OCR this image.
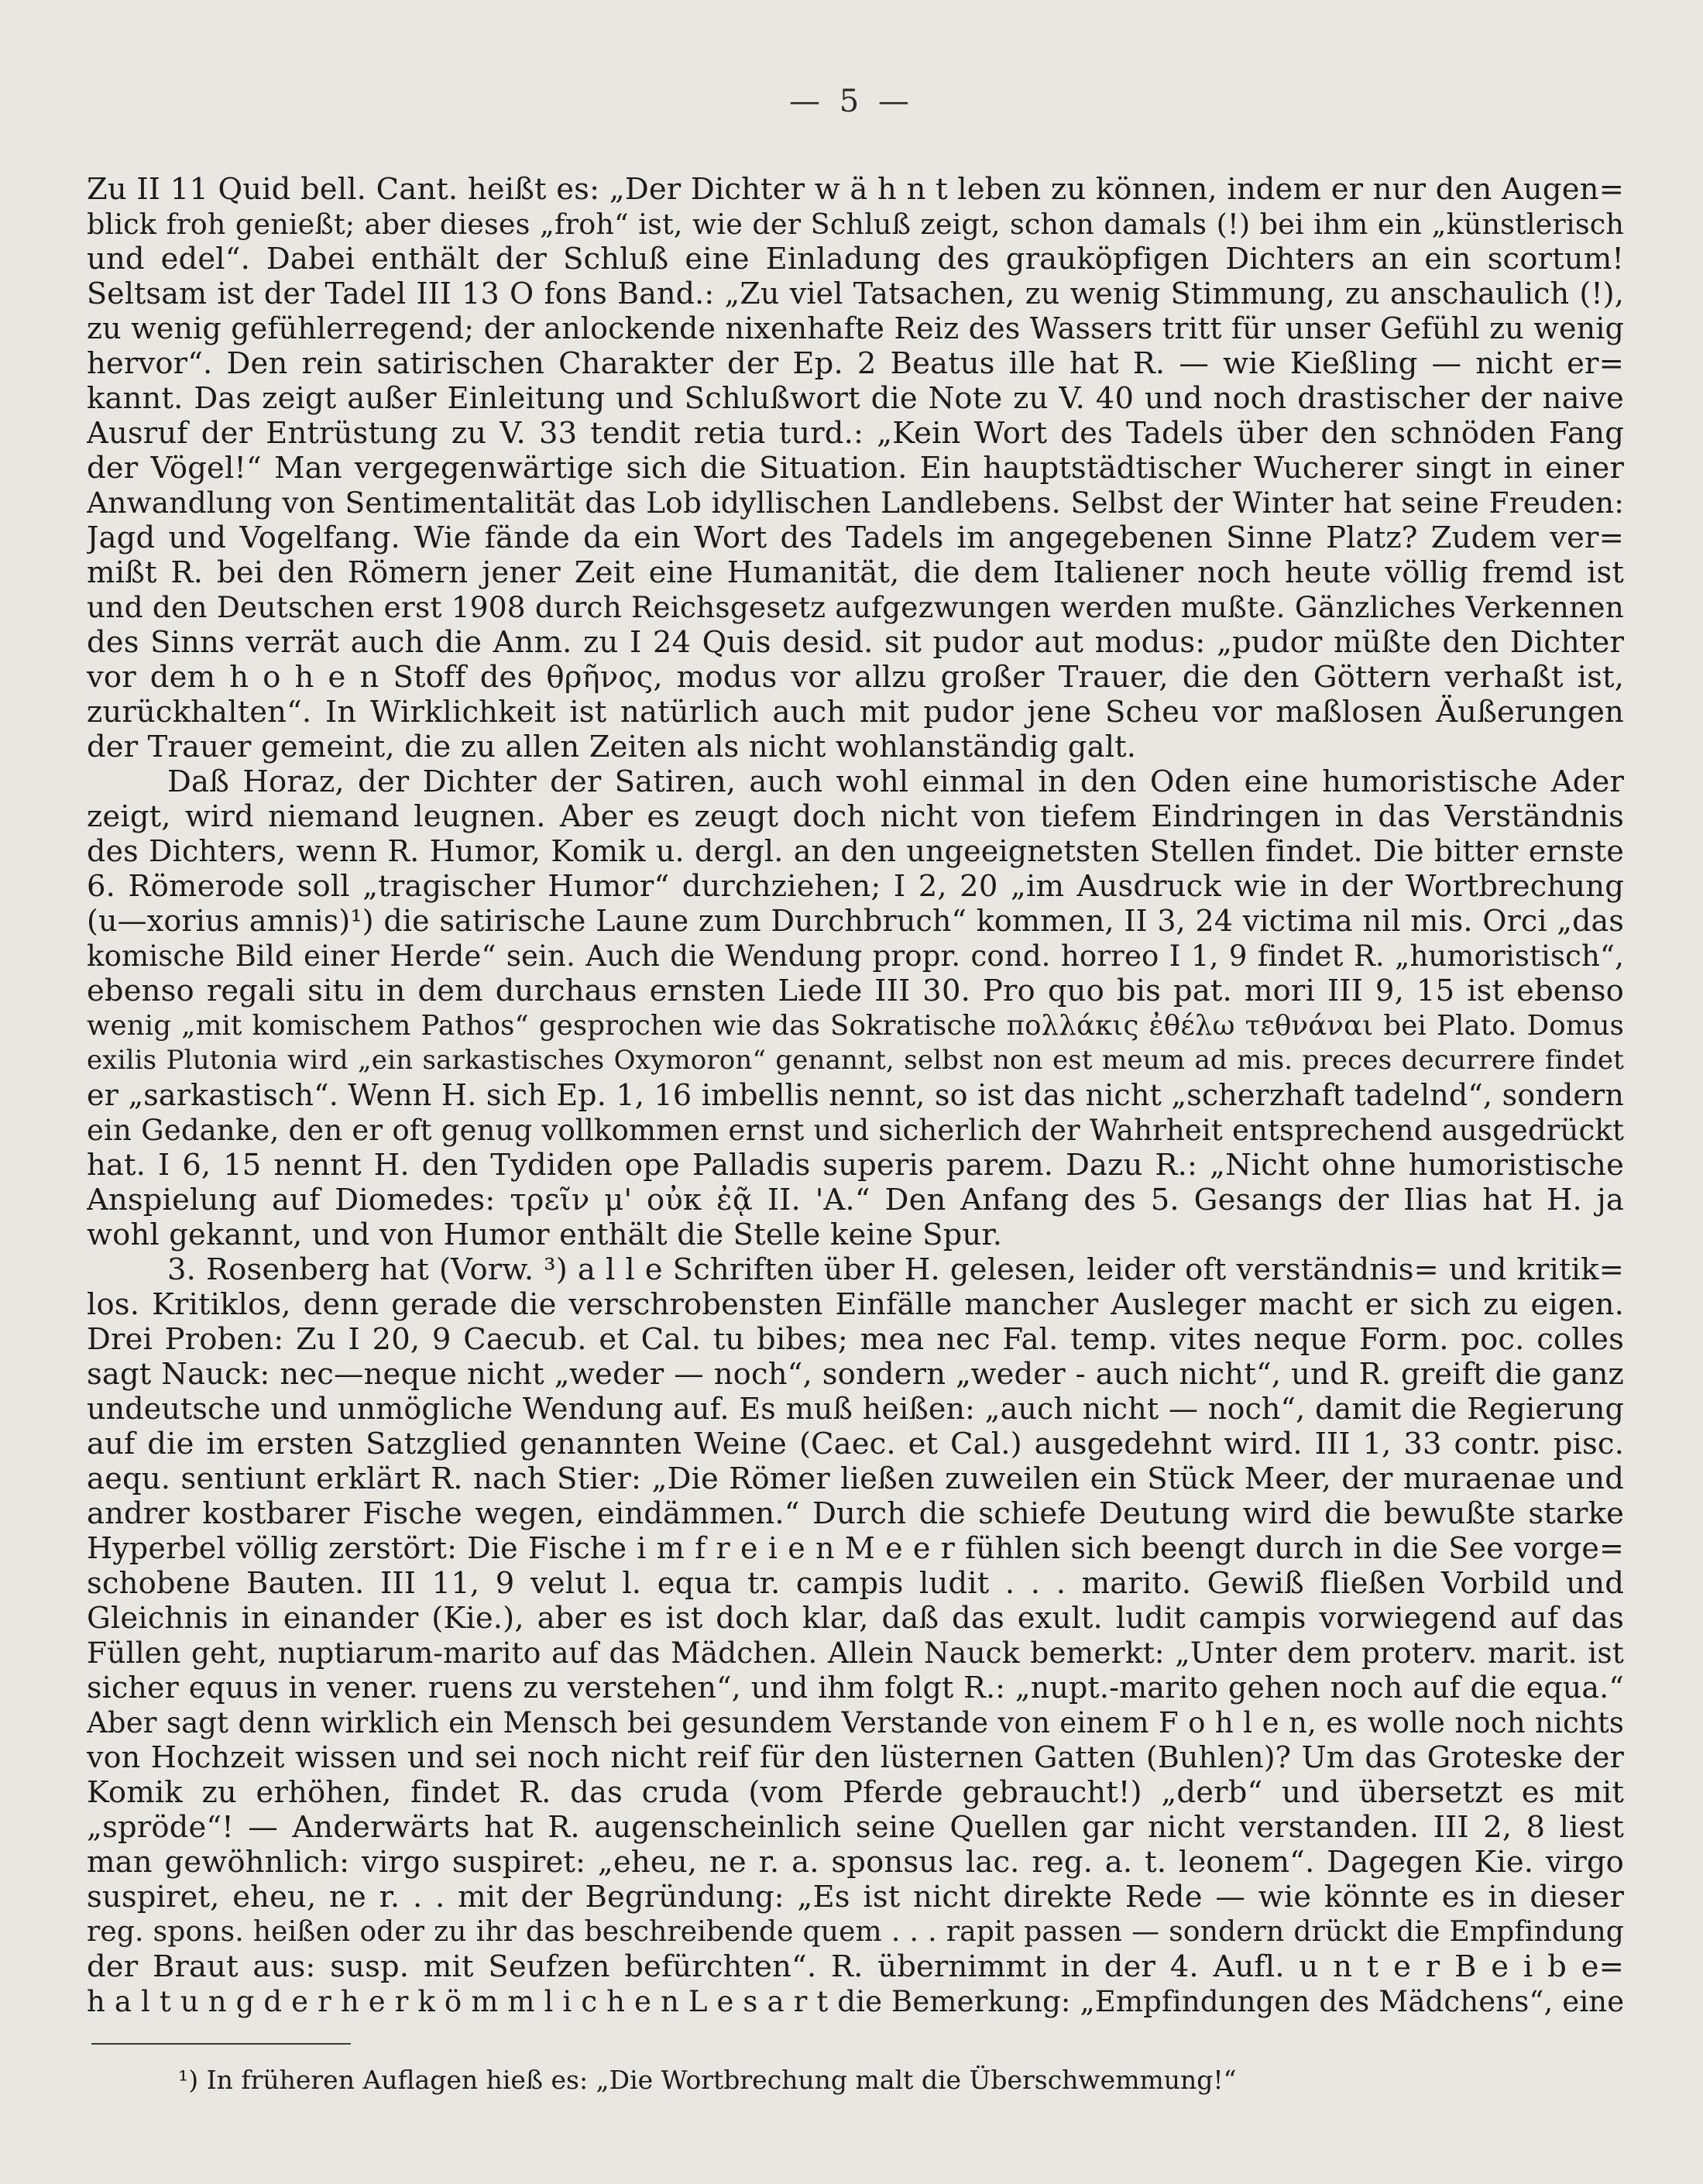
— 5 —
Zu II 11 Quid bell. Cant. heißt es: „Der Dichter w ä h n t leben zu können, indem er nur den Augen=
blick froh genießt; aber dieses „froh“ ist, wie der Schluß zeigt, schon damals (!) bei ihm ein „künstlerisch
und edel“. Dabei enthält der Schluß eine Einladung des grauköpfigen Dichters an ein scortum!
Seltsam ist der Tadel III 13 O fons Band.: „Zu viel Tatsachen, zu wenig Stimmung, zu anschaulich (!),
zu wenig gefühlerregend; der anlockende nixenhafte Reiz des Wassers tritt für unser Gefühl zu wenig
hervor“. Den rein satirischen Charakter der Ep. 2 Beatus ille hat R. — wie Kießling — nicht er=
kannt. Das zeigt außer Einleitung und Schlußwort die Note zu V. 40 und noch drastischer der naive
Ausruf der Entrüstung zu V. 33 tendit retia turd.: „Kein Wort des Tadels über den schnöden Fang
der Vögel!“ Man vergegenwärtige sich die Situation. Ein hauptstädtischer Wucherer singt in einer
Anwandlung von Sentimentalität das Lob idyllischen Landlebens. Selbst der Winter hat seine Freuden:
Jagd und Vogelfang. Wie fände da ein Wort des Tadels im angegebenen Sinne Platz? Zudem ver=
mißt R. bei den Römern jener Zeit eine Humanität, die dem Italiener noch heute völlig fremd ist
und den Deutschen erst 1908 durch Reichsgesetz aufgezwungen werden mußte. Gänzliches Verkennen
des Sinns verrät auch die Anm. zu I 24 Quis desid. sit pudor aut modus: „pudor müßte den Dichter
vor dem h o h e n Stoff des θρῆνος, modus vor allzu großer Trauer, die den Göttern verhaßt ist,
zurückhalten“. In Wirklichkeit ist natürlich auch mit pudor jene Scheu vor maßlosen Äußerungen
der Trauer gemeint, die zu allen Zeiten als nicht wohlanständig galt.
Daß Horaz, der Dichter der Satiren, auch wohl einmal in den Oden eine humoristische Ader
zeigt, wird niemand leugnen. Aber es zeugt doch nicht von tiefem Eindringen in das Verständnis
des Dichters, wenn R. Humor, Komik u. dergl. an den ungeeignetsten Stellen findet. Die bitter ernste
6. Römerode soll „tragischer Humor“ durchziehen; I 2, 20 „im Ausdruck wie in der Wortbrechung
(u—xorius amnis)¹) die satirische Laune zum Durchbruch“ kommen, II 3, 24 victima nil mis. Orci „das
komische Bild einer Herde“ sein. Auch die Wendung propr. cond. horreo I 1, 9 findet R. „humoristisch“,
ebenso regali situ in dem durchaus ernsten Liede III 30. Pro quo bis pat. mori III 9, 15 ist ebenso
wenig „mit komischem Pathos“ gesprochen wie das Sokratische πολλάκις ἐθέλω τεθνάναι bei Plato. Domus
exilis Plutonia wird „ein sarkastisches Oxymoron“ genannt, selbst non est meum ad mis. preces decurrere findet
er „sarkastisch“. Wenn H. sich Ep. 1, 16 imbellis nennt, so ist das nicht „scherzhaft tadelnd“, sondern
ein Gedanke, den er oft genug vollkommen ernst und sicherlich der Wahrheit entsprechend ausgedrückt
hat. I 6, 15 nennt H. den Tydiden ope Palladis superis parem. Dazu R.: „Nicht ohne humoristische
Anspielung auf Diomedes: τρεῖν μ' οὐκ ἐᾷ II. 'A.“ Den Anfang des 5. Gesangs der Ilias hat H. ja
wohl gekannt, und von Humor enthält die Stelle keine Spur.
3. Rosenberg hat (Vorw. ³) a l l e Schriften über H. gelesen, leider oft verständnis= und kritik=
los. Kritiklos, denn gerade die verschrobensten Einfälle mancher Ausleger macht er sich zu eigen.
Drei Proben: Zu I 20, 9 Caecub. et Cal. tu bibes; mea nec Fal. temp. vites neque Form. poc. colles
sagt Nauck: nec—neque nicht „weder — noch“, sondern „weder - auch nicht“, und R. greift die ganz
undeutsche und unmögliche Wendung auf. Es muß heißen: „auch nicht — noch“, damit die Regierung
auf die im ersten Satzglied genannten Weine (Caec. et Cal.) ausgedehnt wird. III 1, 33 contr. pisc.
aequ. sentiunt erklärt R. nach Stier: „Die Römer ließen zuweilen ein Stück Meer, der muraenae und
andrer kostbarer Fische wegen, eindämmen.“ Durch die schiefe Deutung wird die bewußte starke
Hyperbel völlig zerstört: Die Fische i m f r e i e n M e e r fühlen sich beengt durch in die See vorge=
schobene Bauten. III 11, 9 velut l. equa tr. campis ludit . . . marito. Gewiß fließen Vorbild und
Gleichnis in einander (Kie.), aber es ist doch klar, daß das exult. ludit campis vorwiegend auf das
Füllen geht, nuptiarum-marito auf das Mädchen. Allein Nauck bemerkt: „Unter dem proterv. marit. ist
sicher equus in vener. ruens zu verstehen“, und ihm folgt R.: „nupt.-marito gehen noch auf die equa.“
Aber sagt denn wirklich ein Mensch bei gesundem Verstande von einem F o h l e n, es wolle noch nichts
von Hochzeit wissen und sei noch nicht reif für den lüsternen Gatten (Buhlen)? Um das Groteske der
Komik zu erhöhen, findet R. das cruda (vom Pferde gebraucht!) „derb“ und übersetzt es mit
„spröde“! — Anderwärts hat R. augenscheinlich seine Quellen gar nicht verstanden. III 2, 8 liest
man gewöhnlich: virgo suspiret: „eheu, ne r. a. sponsus lac. reg. a. t. leonem“. Dagegen Kie. virgo
suspiret, eheu, ne r. . . mit der Begründung: „Es ist nicht direkte Rede — wie könnte es in dieser
reg. spons. heißen oder zu ihr das beschreibende quem . . . rapit passen — sondern drückt die Empfindung
der Braut aus: susp. mit Seufzen befürchten“. R. übernimmt in der 4. Aufl. u n t e r B e i b e=
h a l t u n g d e r h e r k ö m m l i c h e n L e s a r t die Bemerkung: „Empfindungen des Mädchens“, eine
¹) In früheren Auflagen hieß es: „Die Wortbrechung malt die Überschwemmung!“
